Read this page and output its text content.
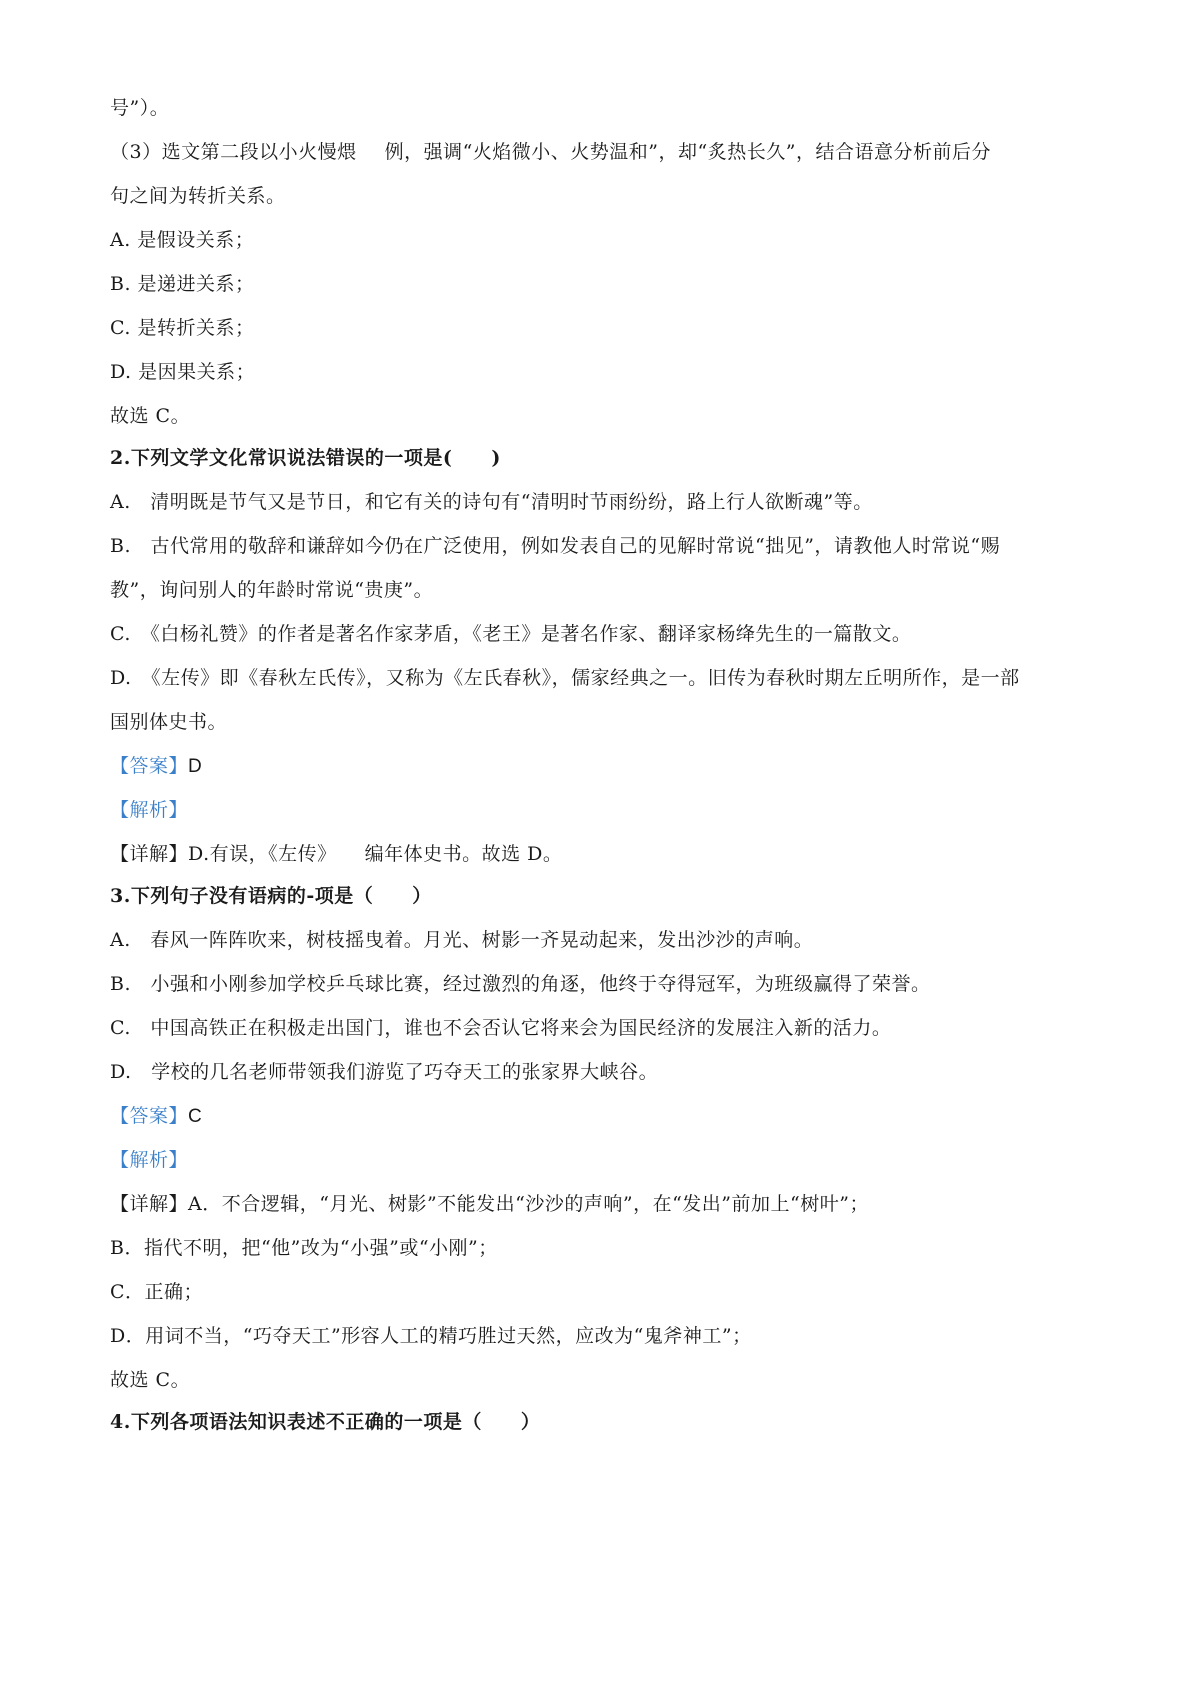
号”）。
（3）选文第二段以小火慢煨 例，强调“火焰微小、火势温和”，却“炙热长久”，结合语意分析前后分
句之间为转折关系。
A. 是假设关系；
B. 是递进关系；
C. 是转折关系；
D. 是因果关系；
故选 C。
2.下列文学文化常识说法错误的一项是(　　)
A.　清明既是节气又是节日，和它有关的诗句有“清明时节雨纷纷，路上行人欲断魂”等。
B.　古代常用的敬辞和谦辞如今仍在广泛使用，例如发表自己的见解时常说“拙见”，请教他人时常说“赐
教”，询问别人的年龄时常说“贵庚”。
C.　《白杨礼赞》的作者是著名作家茅盾，《老王》是著名作家、翻译家杨绛先生的一篇散文。
D.　《左传》即《春秋左氏传》，又称为《左氏春秋》，儒家经典之一。旧传为春秋时期左丘明所作，是一部
国别体史书。
【答案】D
【解析】
【详解】D.有误，《左传》 编年体史书。故选 D。
3.下列句子没有语病的-项是（　　）
A.　春风一阵阵吹来，树枝摇曳着。月光、树影一齐晃动起来，发出沙沙的声响。
B.　小强和小刚参加学校乒乓球比赛，经过激烈的角逐，他终于夺得冠军，为班级赢得了荣誉。
C.　中国高铁正在积极走出国门，谁也不会否认它将来会为国民经济的发展注入新的活力。
D.　学校的几名老师带领我们游览了巧夺天工的张家界大峡谷。
【答案】C
【解析】
【详解】A．不合逻辑，“月光、树影”不能发出“沙沙的声响”，在“发出”前加上“树叶”；
B．指代不明，把“他”改为“小强”或“小刚”；
C．正确；
D．用词不当，“巧夺天工”形容人工的精巧胜过天然，应改为“鬼斧神工”；
故选 C。
4.下列各项语法知识表述不正确的一项是（　　）
